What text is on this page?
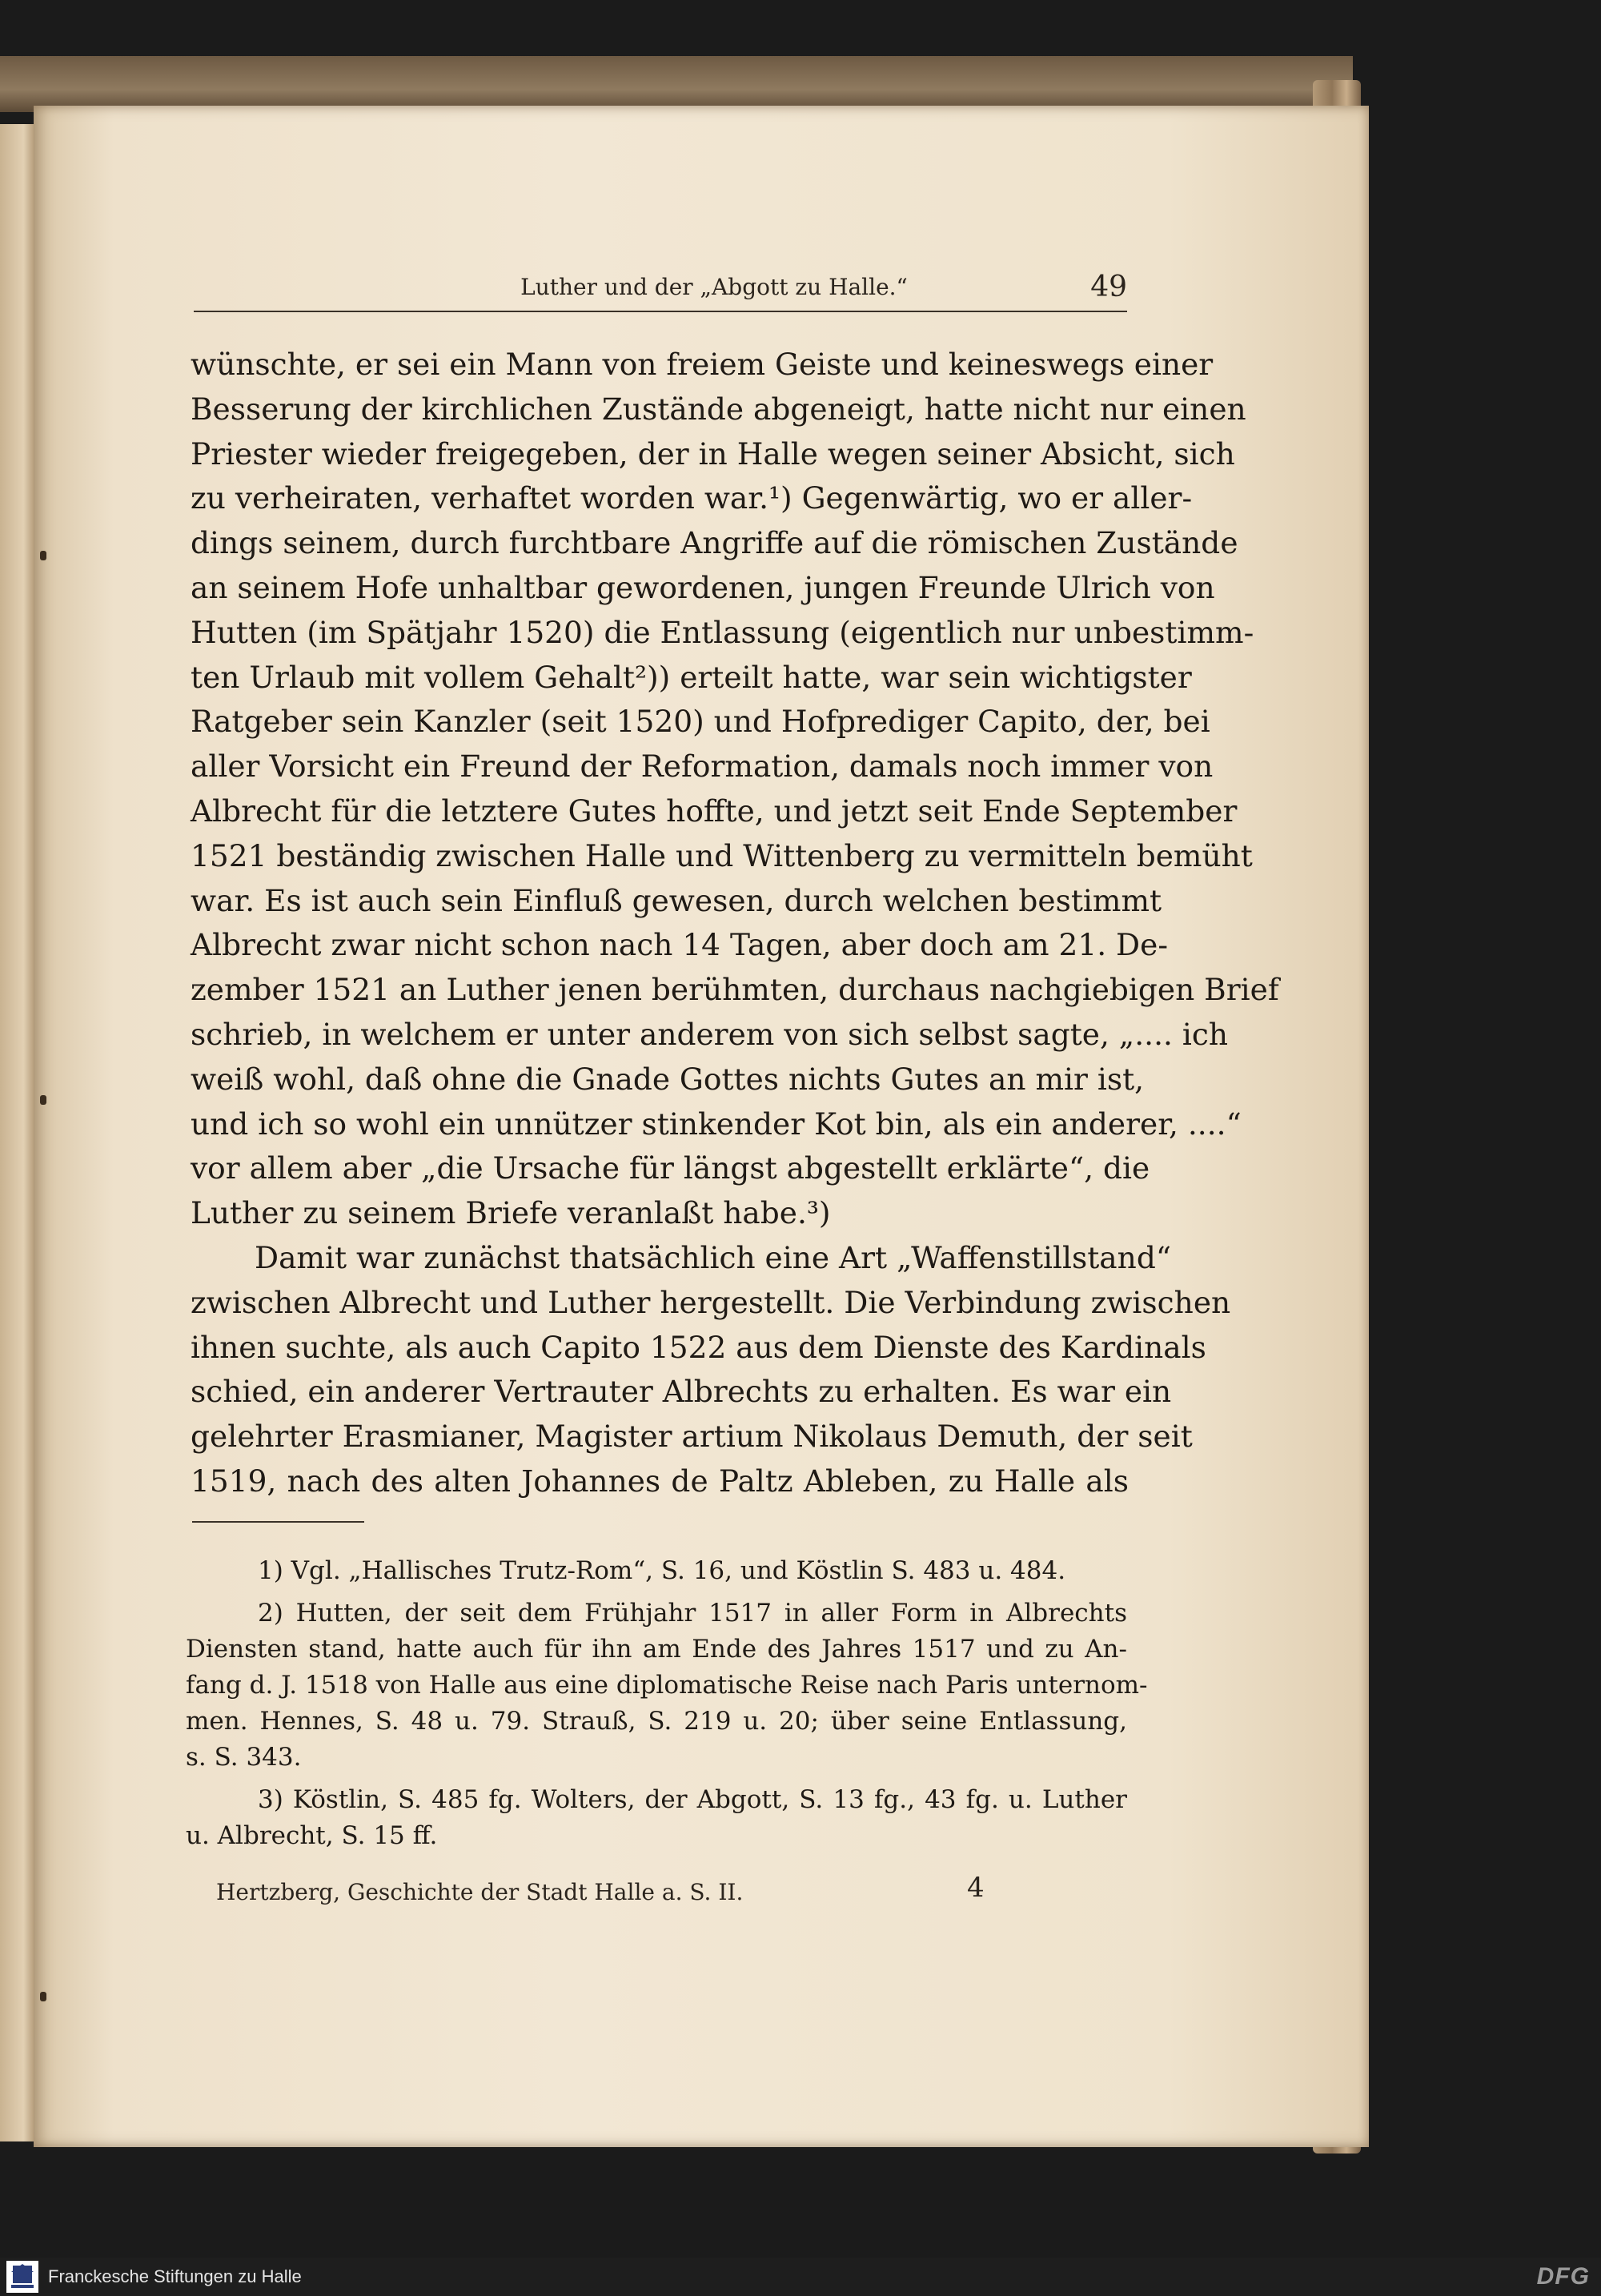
Luther und der „Abgott zu Halle.“	49
wünschte, er sei ein Mann von freiem Geiste und keineswegs einer
Besserung der kirchlichen Zustände abgeneigt, hatte nicht nur einen
Priester wieder freigegeben, der in Halle wegen seiner Absicht, sich
zu verheiraten, verhaftet worden war.¹) Gegenwärtig, wo er aller-
dings seinem, durch furchtbare Angriffe auf die römischen Zustände
an seinem Hofe unhaltbar gewordenen, jungen Freunde Ulrich von
Hutten (im Spätjahr 1520) die Entlassung (eigentlich nur unbestimm-
ten Urlaub mit vollem Gehalt²)) erteilt hatte, war sein wichtigster
Ratgeber sein Kanzler (seit 1520) und Hofprediger Capito, der, bei
aller Vorsicht ein Freund der Reformation, damals noch immer von
Albrecht für die letztere Gutes hoffte, und jetzt seit Ende September
1521 beständig zwischen Halle und Wittenberg zu vermitteln bemüht
war. Es ist auch sein Einfluß gewesen, durch welchen bestimmt
Albrecht zwar nicht schon nach 14 Tagen, aber doch am 21. De-
zember 1521 an Luther jenen berühmten, durchaus nachgiebigen Brief
schrieb, in welchem er unter anderem von sich selbst sagte, „.... ich
weiß wohl, daß ohne die Gnade Gottes nichts Gutes an mir ist,
und ich so wohl ein unnützer stinkender Kot bin, als ein anderer, ....“
vor allem aber „die Ursache für längst abgestellt erklärte“, die
Luther zu seinem Briefe veranlaßt habe.³)
Damit war zunächst thatsächlich eine Art „Waffenstillstand“
zwischen Albrecht und Luther hergestellt. Die Verbindung zwischen
ihnen suchte, als auch Capito 1522 aus dem Dienste des Kardinals
schied, ein anderer Vertrauter Albrechts zu erhalten. Es war ein
gelehrter Erasmianer, Magister artium Nikolaus Demuth, der seit
1519, nach des alten Johannes de Paltz Ableben, zu Halle als
1) Vgl. „Hallisches Trutz-Rom“, S. 16, und Köstlin S. 483 u. 484.
2) Hutten, der seit dem Frühjahr 1517 in aller Form in Albrechts
Diensten stand, hatte auch für ihn am Ende des Jahres 1517 und zu An-
fang d. J. 1518 von Halle aus eine diplomatische Reise nach Paris unternom-
men. Hennes, S. 48 u. 79. Strauß, S. 219 u. 20; über seine Entlassung,
s. S. 343.
3) Köstlin, S. 485 fg. Wolters, der Abgott, S. 13 fg., 43 fg. u. Luther
u. Albrecht, S. 15 ff.
Hertzberg, Geschichte der Stadt Halle a. S. II.	4
Franckesche Stiftungen zu Halle	DFG
